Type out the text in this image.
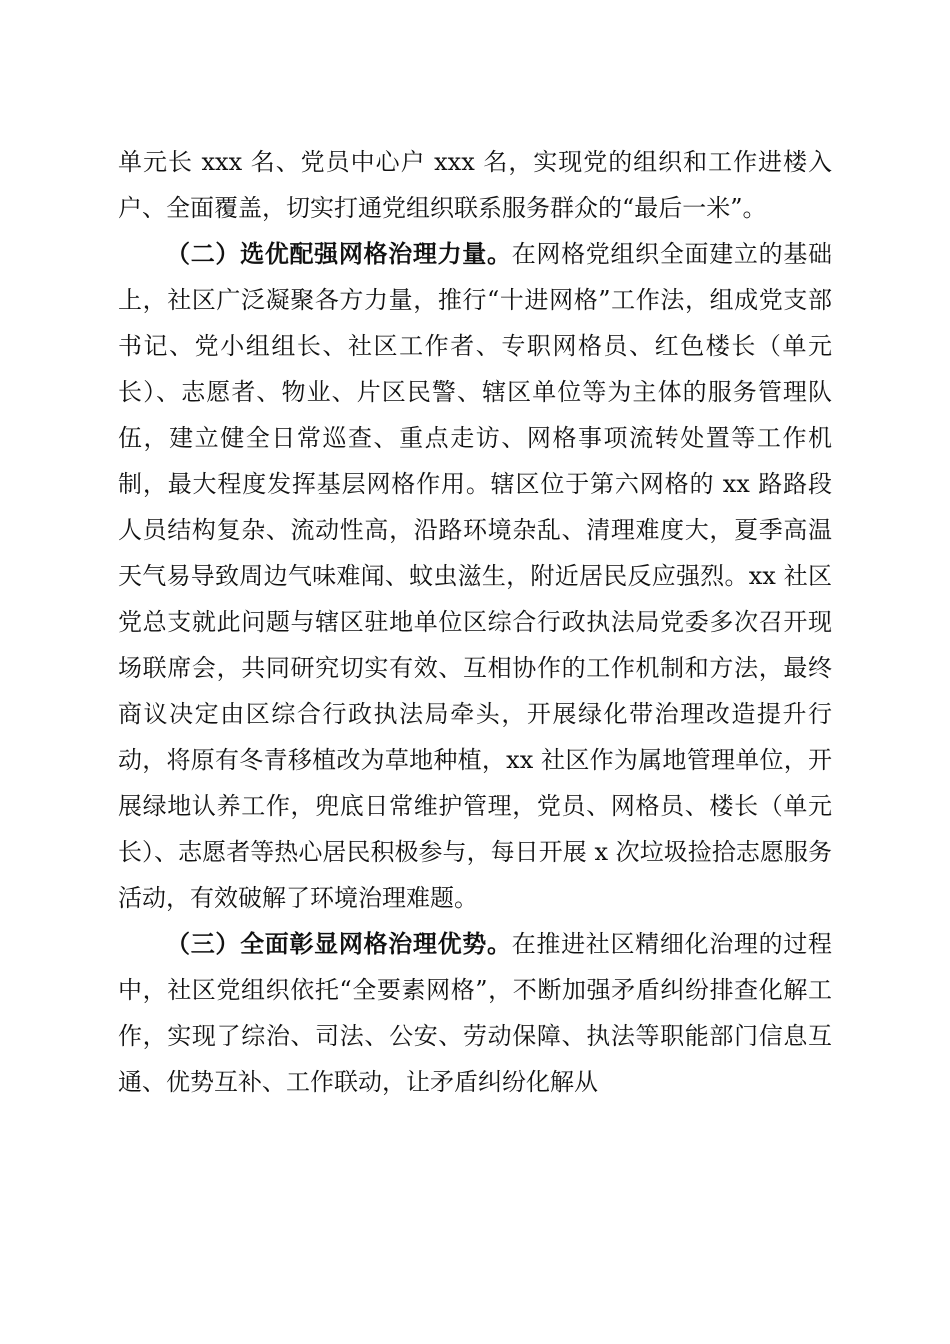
单元长 xxx 名、党员中心户 xxx 名，实现党的组织和工作进楼入户、全面覆盖，切实打通党组织联系服务群众的“最后一米”。

（二）选优配强网格治理力量。在网格党组织全面建立的基础上，社区广泛凝聚各方力量，推行“十进网格”工作法，组成党支部书记、党小组组长、社区工作者、专职网格员、红色楼长（单元长）、志愿者、物业、片区民警、辖区单位等为主体的服务管理队伍，建立健全日常巡查、重点走访、网格事项流转处置等工作机制，最大程度发挥基层网格作用。辖区位于第六网格的 xx 路路段人员结构复杂、流动性高，沿路环境杂乱、清理难度大，夏季高温天气易导致周边气味难闻、蚊虫滋生，附近居民反应强烈。xx 社区党总支就此问题与辖区驻地单位区综合行政执法局党委多次召开现场联席会，共同研究切实有效、互相协作的工作机制和方法，最终商议决定由区综合行政执法局牵头，开展绿化带治理改造提升行动，将原有冬青移植改为草地种植，xx 社区作为属地管理单位，开展绿地认养工作，兜底日常维护管理，党员、网格员、楼长（单元长）、志愿者等热心居民积极参与，每日开展 x 次垃圾捡拾志愿服务活动，有效破解了环境治理难题。

（三）全面彰显网格治理优势。在推进社区精细化治理的过程中，社区党组织依托“全要素网格”，不断加强矛盾纠纷排查化解工作，实现了综治、司法、公安、劳动保障、执法等职能部门信息互通、优势互补、工作联动，让矛盾纠纷化解从
